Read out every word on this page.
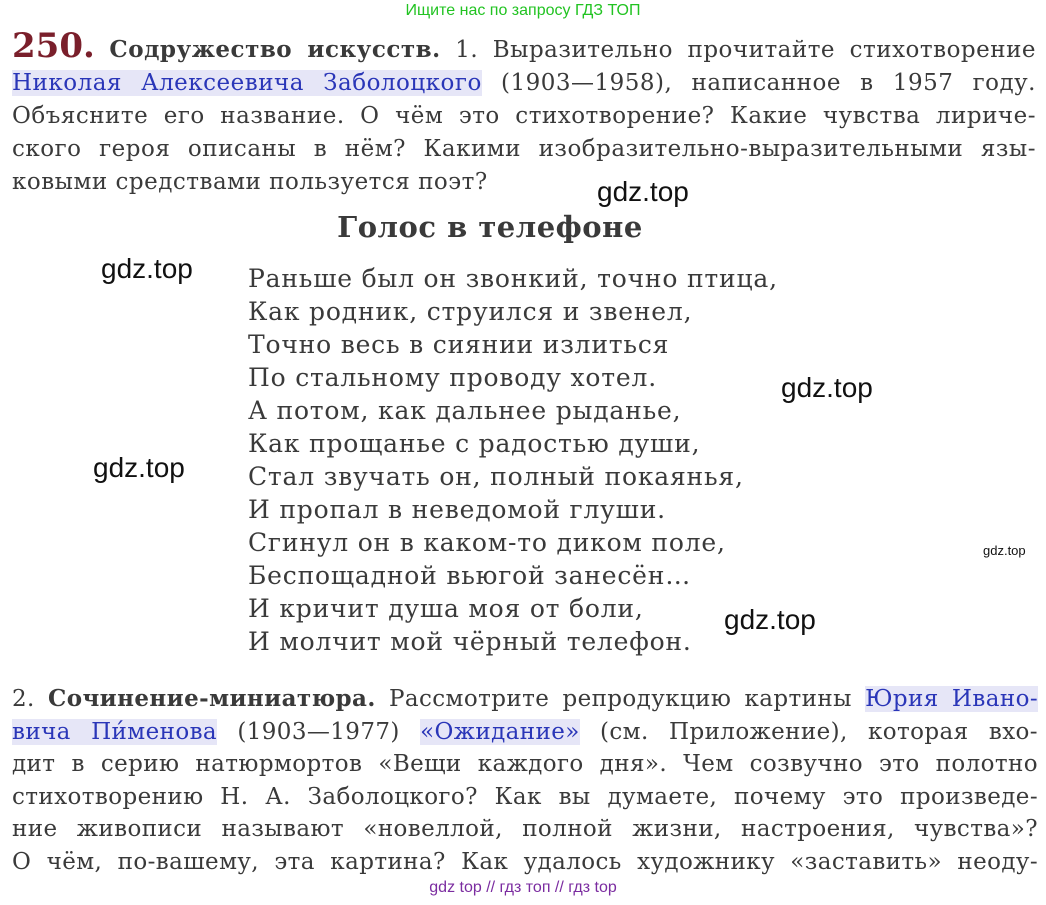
Ищите нас по запросу ГДЗ ТОП

250. Содружество искусств. 1. Выразительно прочитайте стихотворение
Николая Алексеевича Заболоцкого (1903—1958), написанное в 1957 году.
Объясните его название. О чём это стихотворение? Какие чувства лириче-
ского героя описаны в нём? Какими изобразительно-выразительными язы-
ковыми средствами пользуется поэт?

Голос в телефоне
Раньше был он звонкий, точно птица,
Как родник, струился и звенел,
Точно весь в сиянии излиться
По стальному проводу хотел.
А потом, как дальнее рыданье,
Как прощанье с радостью души,
Стал звучать он, полный покаянья,
И пропал в неведомой глуши.
Сгинул он в каком-то диком поле,
Беспощадной вьюгой занесён…
И кричит душа моя от боли,
И молчит мой чёрный телефон.
gdz.top
gdz.top
gdz.top
gdz.top
gdz.top
gdz.top
2. Сочинение-миниатюра. Рассмотрите репродукцию картины Юрия Ивано-
вича Пи́менова (1903—1977) «Ожидание» (см. Приложение), которая вхо-
дит в серию натюрмортов «Вещи каждого дня». Чем созвучно это полотно
стихотворению Н. А. Заболоцкого? Как вы думаете, почему это произведе-
ние живописи называют «новеллой, полной жизни, настроения, чувства»?
О чём, по-вашему, эта картина? Как удалось художнику «заставить» неоду-
gdz top // гдз топ // гдз top
